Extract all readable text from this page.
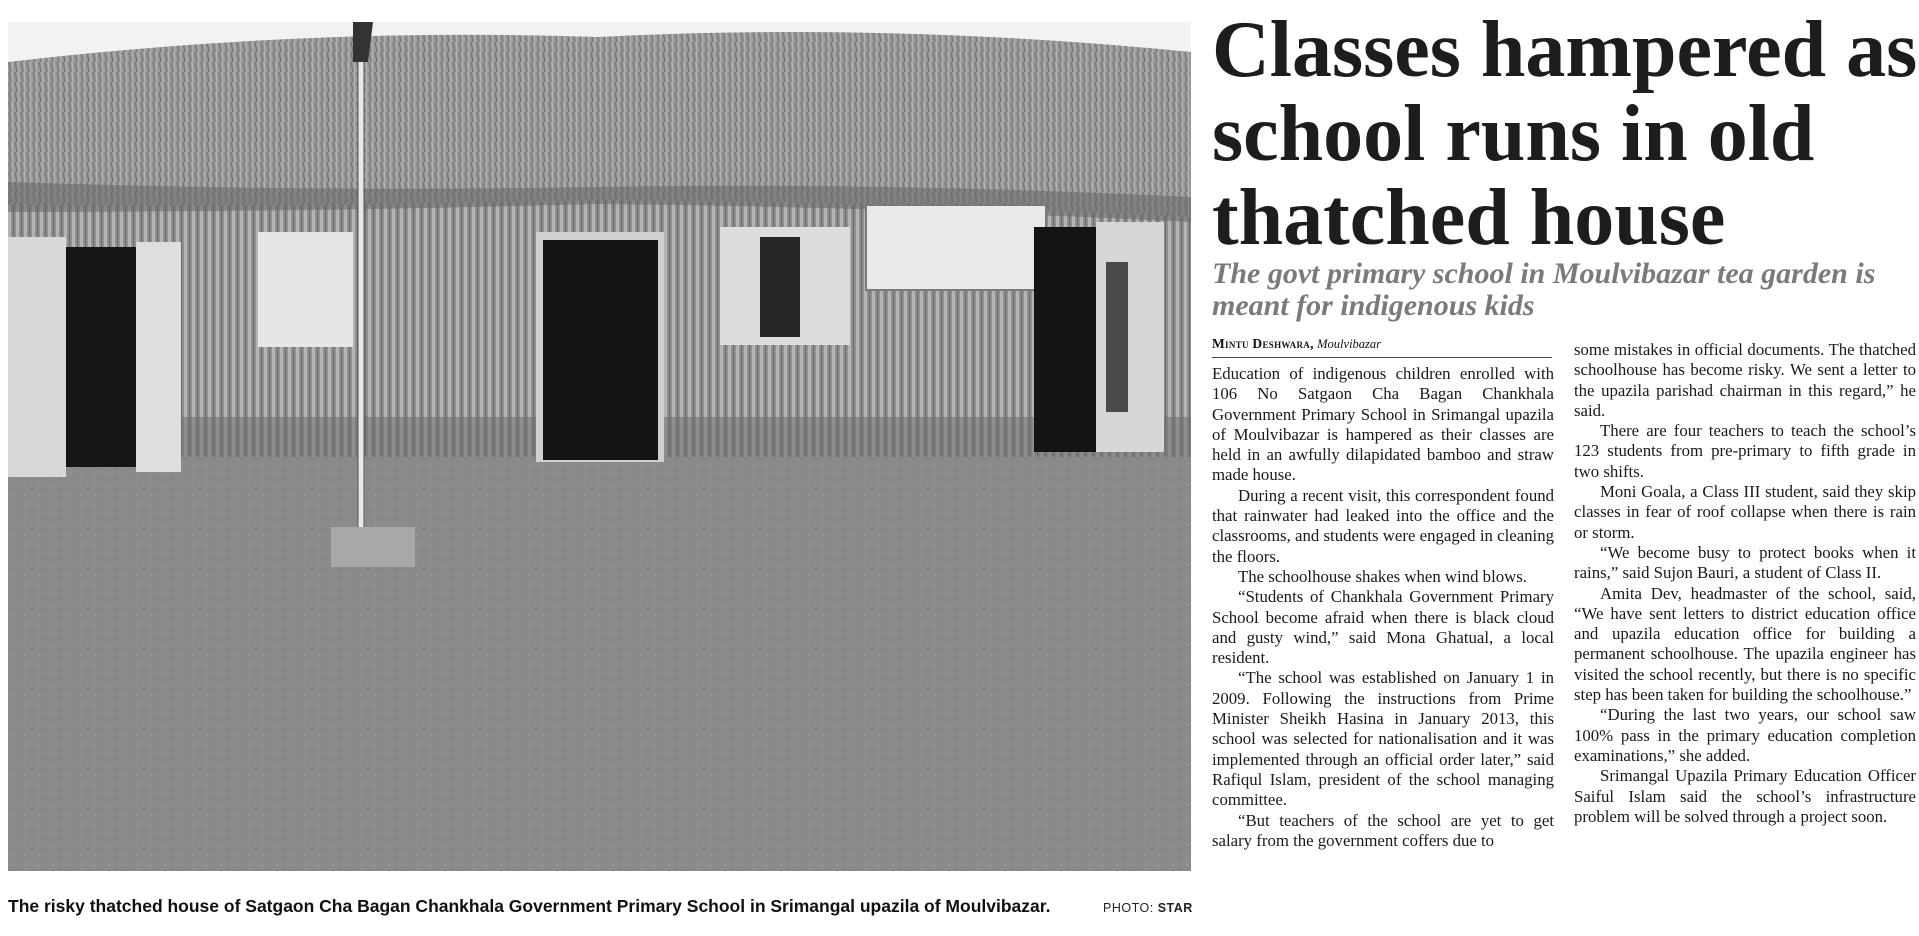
The risky thatched house of Satgaon Cha Bagan Chankhala Government Primary School in Srimangal upazila of Moulvibazar.	PHOTO: STAR
Classes hampered as school runs in old thatched house
The govt primary school in Moulvibazar tea garden is meant for indigenous kids
Mintu Deshwara, Moulvibazar

Education of indigenous children enrolled with 106 No Satgaon Cha Bagan Chankhala Government Primary School in Srimangal upazila of Moulvibazar is hampered as their classes are held in an awfully dilapidated bamboo and straw made house.

During a recent visit, this correspondent found that rainwater had leaked into the office and the classrooms, and students were engaged in cleaning the floors.

The schoolhouse shakes when wind blows.

“Students of Chankhala Government Primary School become afraid when there is black cloud and gusty wind,” said Mona Ghatual, a local resident.

“The school was established on January 1 in 2009. Following the instructions from Prime Minister Sheikh Hasina in January 2013, this school was selected for nationalisation and it was implemented through an official order later,” said Rafiqul Islam, president of the school managing committee.

“But teachers of the school are yet to get salary from the government coffers due to

some mistakes in official documents. The thatched schoolhouse has become risky. We sent a letter to the upazila parishad chairman in this regard,” he said.

There are four teachers to teach the school’s 123 students from pre-primary to fifth grade in two shifts.

Moni Goala, a Class III student, said they skip classes in fear of roof collapse when there is rain or storm.

“We become busy to protect books when it rains,” said Sujon Bauri, a student of Class II.

Amita Dev, headmaster of the school, said, “We have sent letters to district education office and upazila education office for building a permanent schoolhouse. The upazila engineer has visited the school recently, but there is no specific step has been taken for building the schoolhouse.”

“During the last two years, our school saw 100% pass in the primary education completion examinations,” she added.

Srimangal Upazila Primary Education Officer Saiful Islam said the school’s infrastructure problem will be solved through a project soon.
